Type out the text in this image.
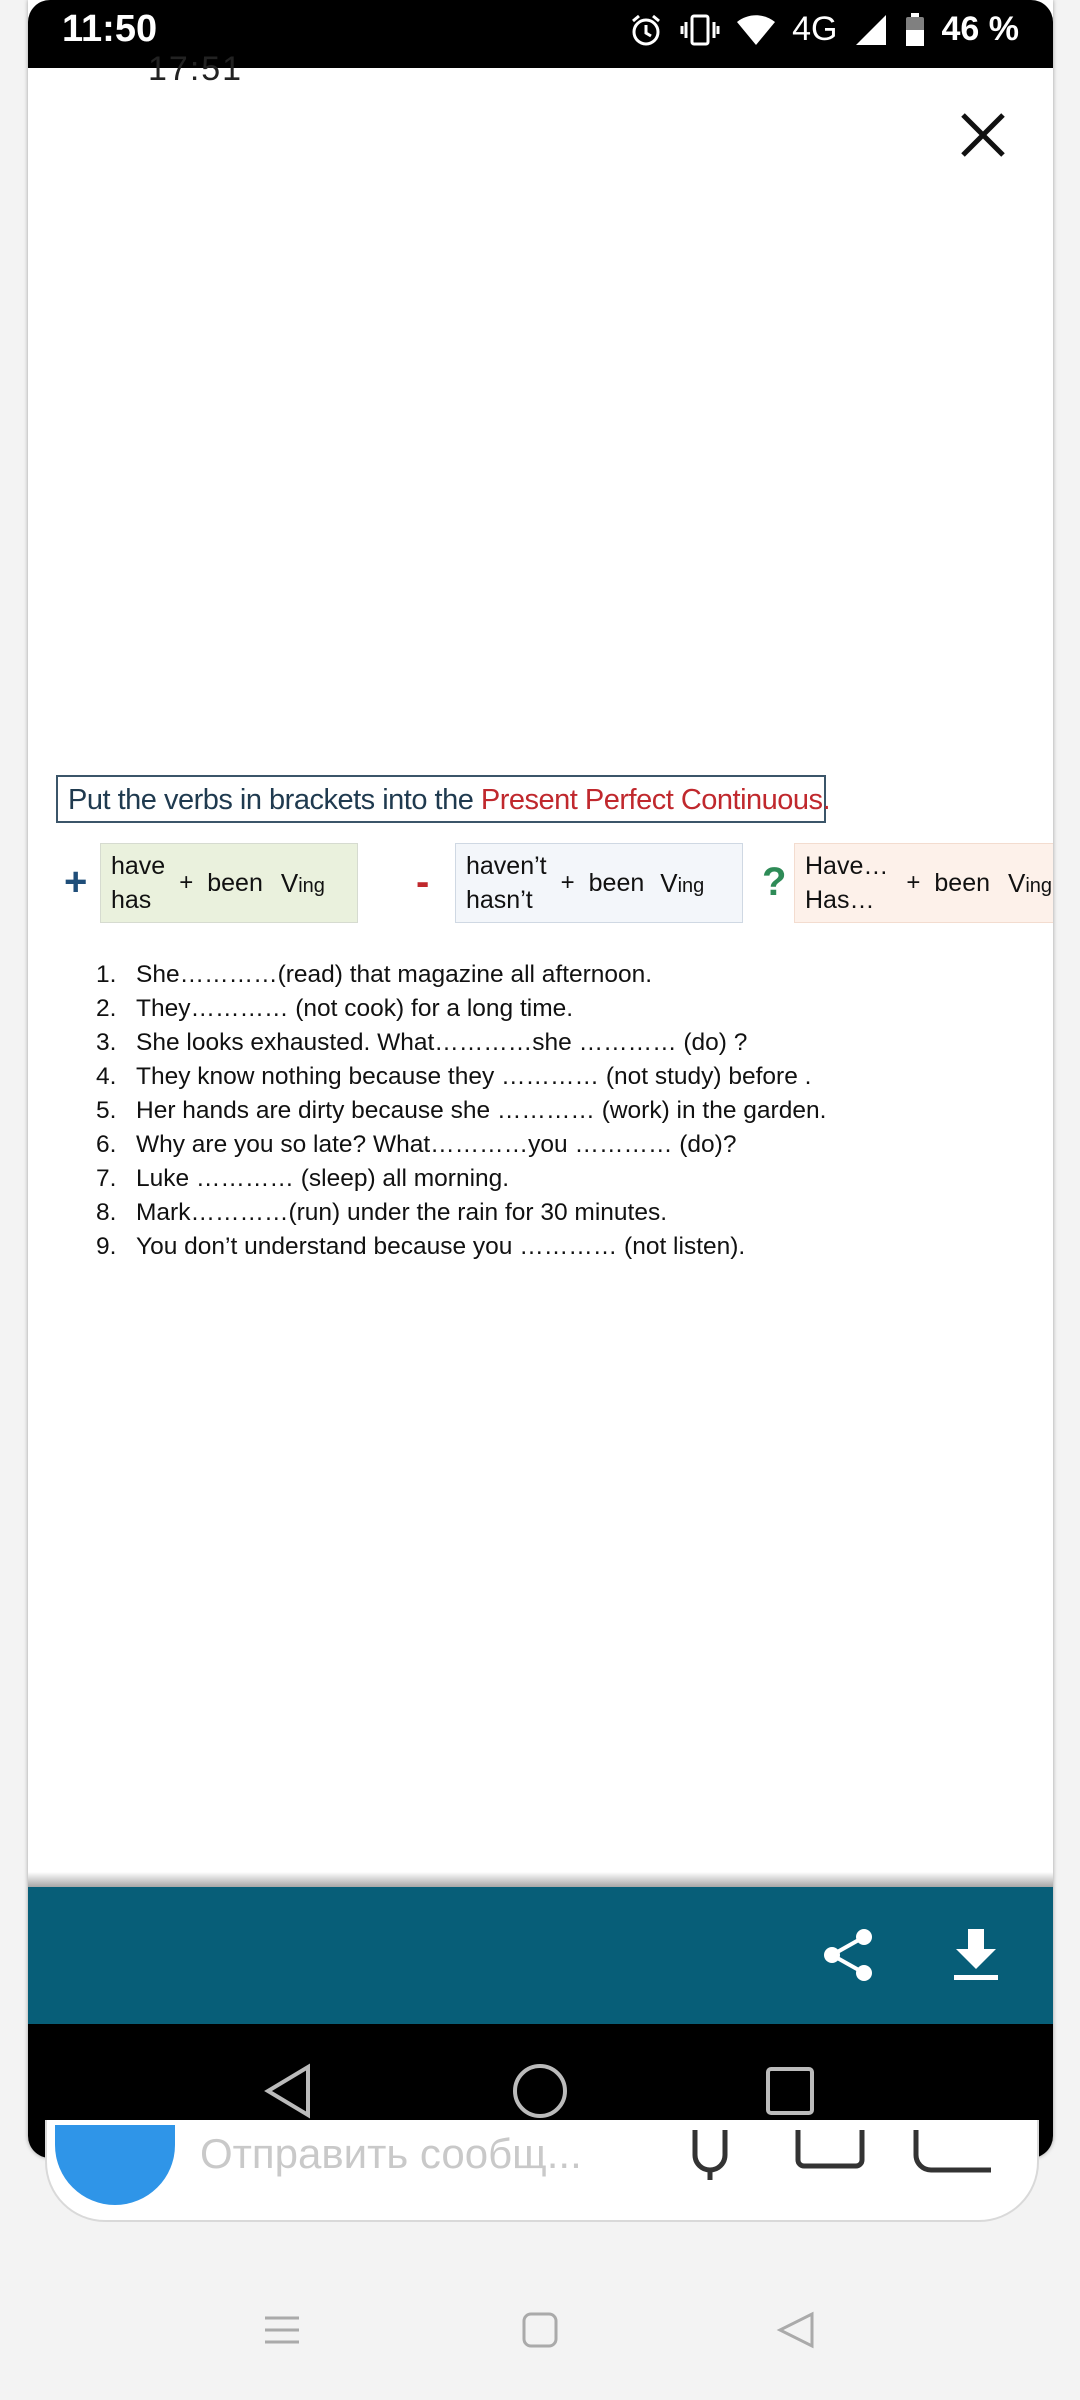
11:50	4G	46 %
17:51
Put the verbs in brackets into the Present Perfect Continuous.
+ have
has
+ been Ving - haven’t
hasn’t
+ been Ving ? Have…
Has…
+ been Ving
1. She…………(read) that magazine all afternoon.
2. They………… (not cook) for a long time.
3. She looks exhausted. What…………she ………… (do) ?
4. They know nothing because they ………… (not study) before .
5. Her hands are dirty because she ………… (work) in the garden.
6. Why are you so late? What…………you ………… (do)?
7. Luke ………… (sleep) all morning.
8. Mark…………(run) under the rain for 30 minutes.
9. You don’t understand because you ………… (not listen).
Отправить сообщ...
